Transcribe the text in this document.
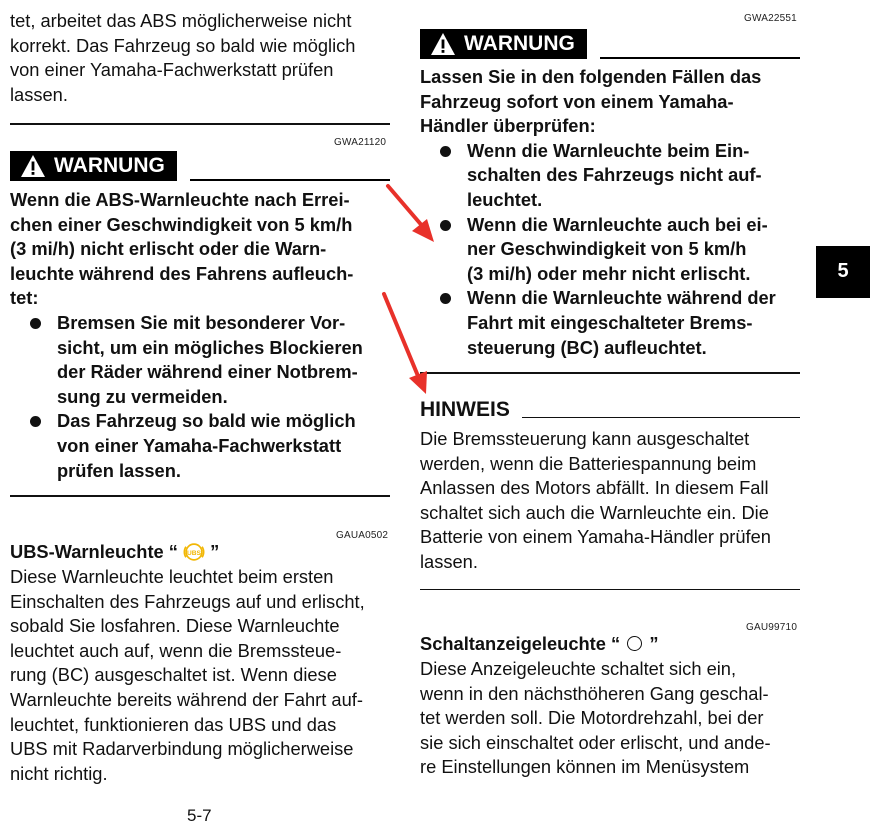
tet, arbeitet das ABS möglicherweise nicht

korrekt. Das Fahrzeug so bald wie möglich

von einer Yamaha-Fachwerkstatt prüfen

lassen.

GWA21120
WARNUNG

Wenn die ABS-Warnleuchte nach Errei-

chen einer Geschwindigkeit von 5 km/h

(3 mi/h) nicht erlischt oder die Warn-

leuchte während des Fahrens aufleuch-

tet:

Bremsen Sie mit besonderer Vor-
sicht, um ein mögliches Blockieren
der Räder während einer Notbrem-
sung zu vermeiden.
Das Fahrzeug so bald wie möglich
von einer Yamaha-Fachwerkstatt
prüfen lassen.
GAUA0502
UBS-Warnleuchte “ UBS ”

Diese Warnleuchte leuchtet beim ersten

Einschalten des Fahrzeugs auf und erlischt,

sobald Sie losfahren. Diese Warnleuchte

leuchtet auch auf, wenn die Bremssteue-

rung (BC) ausgeschaltet ist. Wenn diese

Warnleuchte bereits während der Fahrt auf-

leuchtet, funktionieren das UBS und das

UBS mit Radarverbindung möglicherweise

nicht richtig.

GWA22551
WARNUNG

Lassen Sie in den folgenden Fällen das

Fahrzeug sofort von einem Yamaha-

Händler überprüfen:

Wenn die Warnleuchte beim Ein-
schalten des Fahrzeugs nicht auf-
leuchtet.
Wenn die Warnleuchte auch bei ei-
ner Geschwindigkeit von 5 km/h
(3 mi/h) oder mehr nicht erlischt.
Wenn die Warnleuchte während der
Fahrt mit eingeschalteter Brems-
steuerung (BC) aufleuchtet.
HINWEIS

Die Bremssteuerung kann ausgeschaltet

werden, wenn die Batteriespannung beim

Anlassen des Motors abfällt. In diesem Fall

schaltet sich auch die Warnleuchte ein. Die

Batterie von einem Yamaha-Händler prüfen

lassen.

GAU99710
Schaltanzeigeleuchte “ ”

Diese Anzeigeleuchte schaltet sich ein,

wenn in den nächsthöheren Gang geschal-

tet werden soll. Die Motordrehzahl, bei der

sie sich einschaltet oder erlischt, und ande-

re Einstellungen können im Menüsystem

5
5-7
